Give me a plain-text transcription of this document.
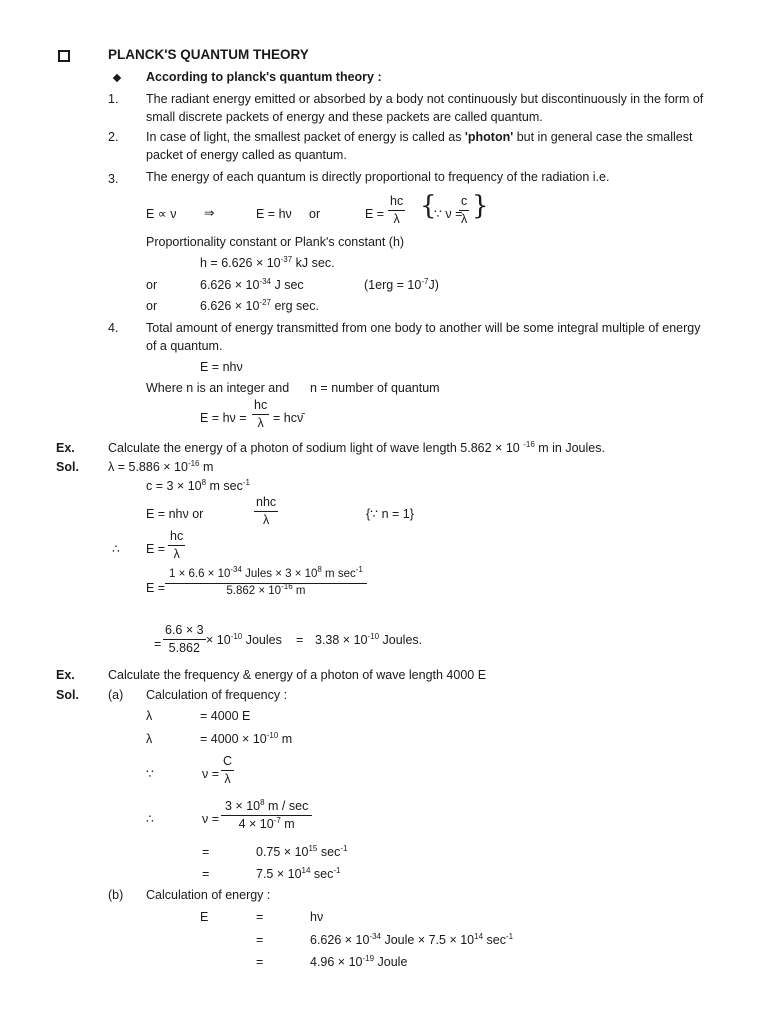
PLANCK'S QUANTUM THEORY
According to planck's quantum theory :
1. The radiant energy emitted or absorbed by a body not continuously but discontinuously in the form of small discrete packets of energy and these packets are called quantum.
2. In case of light, the smallest packet of energy is called as 'photon' but in general case the smallest packet of energy called as quantum.
3. The energy of each quantum is directly proportional to frequency of the radiation i.e.
E ∝ ν ⇒	E = hν or	$E = \frac{hc}{\lambda}$ {
∵ ν =
$\frac{c}{\lambda}$ }
Proportionality constant or Plank's constant (h)
$h = 6.626 \times 10^{-37}$ kJ sec.
or	$6.626 \times 10^{-34}$ J sec	$(1erg = 10^{-7}J)$
or	$6.626 \times 10^{-27}$ erg sec.
4. Total amount of energy transmitted from one body to another will be some integral multiple of energy of a quantum.
E = nhν
Where n is an integer and n = number of quantum
$E = h\nu = \frac{hc}{\lambda}$ = hcν̄
Ex.	Calculate the energy of a photon of sodium light of wave length 5.862 × 10 $^{-16}$ m in Joules.
Sol. $\lambda = 5.886 \times 10^{-16}$ m
$c = 3 \times 10^8$ m $\sec^{-1}$
E = nhν or
nhc
λ	{∵ n = 1}
∴ $E = \frac{hc}{\lambda}$
E =
$1 \times 6.6 \times 10^{-34}$ Jules × $3 \times 10^8$ m $\sec^{-1}$
$5.862 \times 10^{-16}$ m
= $\frac{6.6 \times 3}{5.862} \times 10^{-10}$ Joules = $3.38 \times 10^{-10}$ Joules.
Ex.	Calculate the frequency & energy of a photon of wave length 4000 E
Sol. (a) Calculation of frequency :
λ	= 4000 E
λ	= $4000 \times 10^{-10}$ m
∵	$\nu = \frac{C}{\lambda}$
∴	ν =
$3 \times 10^8$ m / sec
$4 \times 10^{-7}$ m
=	$0.75 \times 10^{15}$ $\sec^{-1}$
=	$7.5 \times 10^{14}$ $\sec^{-1}$
(b) Calculation of energy :
E	=	hν
=	$6.626 \times 10^{-34}$ Joule × $7.5 \times 10^{14}$ $\sec^{-1}$
=	$4.96 \times 10^{-19}$ Joule
